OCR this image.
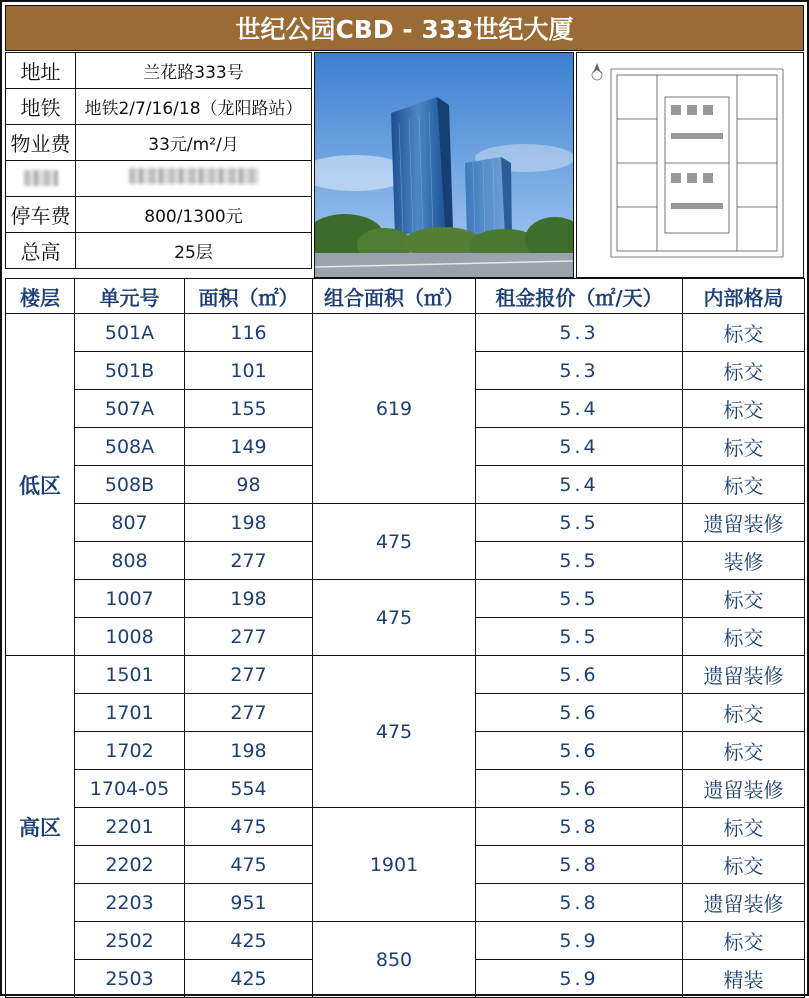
世纪公园CBD - 333世纪大厦
地址	兰花路333号
地铁	地铁2/7/16/18（龙阳路站）
物业费	33元/m²/月

停车费	800/1300元
总高	25层
楼层	单元号	面积（㎡）	组合面积（㎡）	租金报价（㎡/天）	内部格局
低区	501A	116	619	5.3	标交
	501B	101		5.3	标交
	507A	155		5.4	标交
	508A	149		5.4	标交
	508B	98		5.4	标交
	807	198	475	5.5	遗留装修
	808	277		5.5	装修
	1007	198	475	5.5	标交
	1008	277		5.5	标交
高区	1501	277	475	5.6	遗留装修
	1701	277		5.6	标交
	1702	198		5.6	标交
	1704-05	554		5.6	遗留装修
	2201	475	1901	5.8	标交
	2202	475		5.8	标交
	2203	951		5.8	遗留装修
	2502	425	850	5.9	标交
	2503	425		5.9	精装
